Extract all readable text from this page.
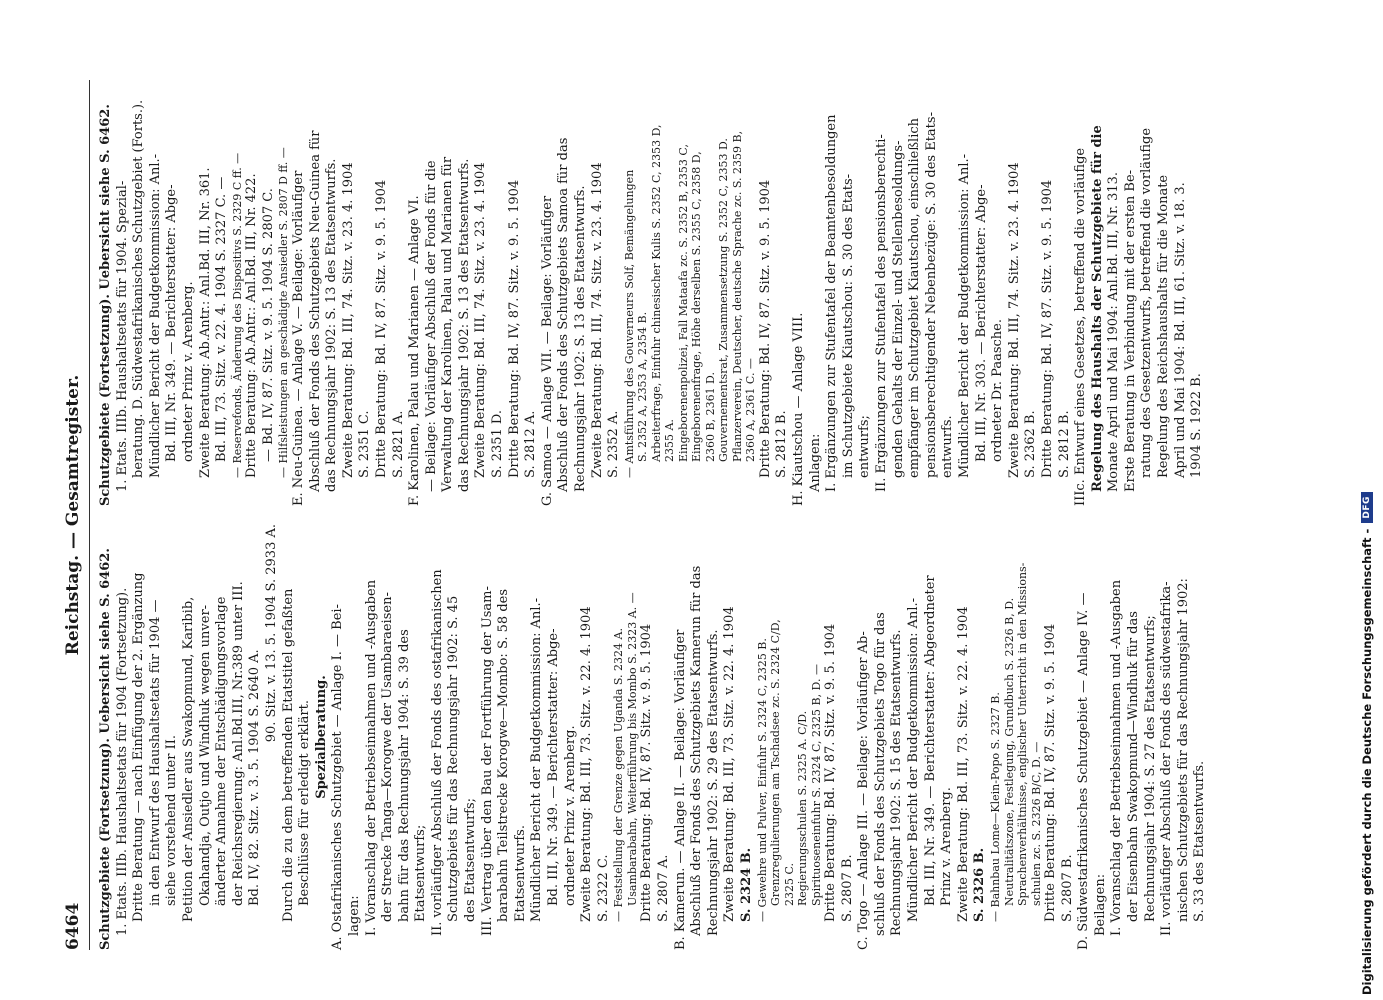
6464
Reichstag. — Gesamtregister.

Schutzgebiete (Fortsetzung). Uebersicht siehe S. 6462. 1. Etats. IIIb. Haushaltsetats für 1904 (Fortsetzung). Dritte Beratung — nach Einfügung der 2. Ergänzung in den Entwurf des Haushaltsetats für 1904 — siehe vorstehend unter II. Petition der Ansiedler aus Swakopmund, Karibib, Okahandja, Outjo und Windhuk wegen unver- änderter Annahme der Entschädigungsvorlage der Reichsregierung: Anl.Bd.III, Nr.389 unter III. Bd. IV, 82. Sitz. v. 3. 5. 1904 S. 2640 A.

90. Sitz. v. 13. 5. 1904 S. 2933 A. Durch die zu dem betreffenden Etatstitel gefaßten Beschlüsse für erledigt erklärt. Spezialberatung. A. Ostafrikanisches Schutzgebiet — Anlage I. — Bei- lagen: I. Voranschlag der Betriebseinnahmen und -Ausgaben der Strecke Tanga—Korogwe der Usambaraeisen- bahn für das Rechnungsjahr 1904: S. 39 des Etatsentwurfs; II. vorläufiger Abschluß der Fonds des ostafrikanischen Schutzgebiets für das Rechnungsjahr 1902: S. 45 des Etatsentwurfs; III. Vertrag über den Bau der Fortführung der Usam- barabahn Teilstrecke Korogwe—Mombo: S. 58 des Etatsentwurfs. Mündlicher Bericht der Budgetkommission: Anl.- Bd. III, Nr. 349. — Berichterstatter: Abge- ordneter Prinz v. Arenberg. Zweite Beratung: Bd. III, 73. Sitz. v. 22. 4. 1904 S. 2322 C. — Feststellung der Grenze gegen Uganda S. 2324 A. Usambarabahn, Weiterführung bis Mombo S. 2323 A. — Dritte Beratung: Bd. IV, 87. Sitz. v. 9. 5. 1904 S. 2807 A. B. Kamerun. — Anlage II. — Beilage: Vorläufiger Abschluß der Fonds des Schutzgebiets Kamerun für das Rechnungsjahr 1902: S. 29 des Etatsentwurfs. Zweite Beratung: Bd. III, 73. Sitz. v. 22. 4. 1904 S. 2324 B. — Gewehre und Pulver, Einfuhr S. 2324 C, 2325 B. Grenzregulierungen am Tschadsee zc. S. 2324 C/D, 2325 C. Regierungsschulen S. 2325 A. C/D. Spirituoseneinfuhr S. 2324 C, 2325 B, D. — Dritte Beratung: Bd. IV, 87. Sitz. v. 9. 5. 1904 S. 2807 B. C. Togo — Anlage III. — Beilage: Vorläufiger Ab- schluß der Fonds des Schutzgebiets Togo für das Rechnungsjahr 1902: S. 15 des Etatsentwurfs. Mündlicher Bericht der Budgetkommission: Anl.- Bd. III, Nr. 349. — Berichterstatter: Abgeordneter Prinz v. Arenberg. Zweite Beratung: Bd. III, 73. Sitz. v. 22. 4. 1904 S. 2326 B. — Bahnbau Lome—Klein-Popo S. 2327 B. Neutralitätszone, Festlegung, Grundbuch S. 2326 B, D. Sprachenverhältnisse, englischer Unterricht in den Missions- schulen zc. S. 2326 B/C, D. — Dritte Beratung: Bd. IV, 87. Sitz. v. 9. 5. 1904 S. 2807 B. D. Südwestafrikanisches Schutzgebiet — Anlage IV. — Beilagen: I. Voranschlag der Betriebseinnahmen und -Ausgaben der Eisenbahn Swakopmund—Windhuk für das Rechnungsjahr 1904: S. 27 des Etatsentwurfs; II. vorläufiger Abschluß der Fonds des südwestafrika- nischen Schutzgebiets für das Rechnungsjahr 1902: S. 33 des Etatsentwurfs.

Schutzgebiete (Fortsetzung). Uebersicht siehe S. 6462. 1. Etats. IIIb. Haushaltsetats für 1904. Spezial- beratung. D. Südwestafrikanisches Schutzgebiet (Forts.). Mündlicher Bericht der Budgetkommission: Anl.- Bd. III, Nr. 349. — Berichterstatter: Abge- ordneter Prinz v. Arenberg. Zweite Beratung: Ab.Antr.: Anl.Bd. III, Nr. 361. Bd. III, 73. Sitz. v. 22. 4. 1904 S. 2327 C. — — Reservefonds, Änderung des Dispositivs S. 2329 C ff. — Dritte Beratung: Ab.Antr.: Anl.Bd. III, Nr. 422. — Bd. IV, 87. Sitz. v. 9. 5. 1904 S. 2807 C. — Hilfsleistungen an geschädigte Ansiedler S. 2807 D ff. — E. Neu-Guinea. — Anlage V. — Beilage: Vorläufiger Abschluß der Fonds des Schutzgebiets Neu-Guinea für das Rechnungsjahr 1902: S. 13 des Etatsentwurfs. Zweite Beratung: Bd. III, 74. Sitz. v. 23. 4. 1904 S. 2351 C. Dritte Beratung: Bd. IV, 87. Sitz. v. 9. 5. 1904 S. 2821 A. F. Karolinen, Palau und Marianen — Anlage VI. — Beilage: Vorläufiger Abschluß der Fonds für die Verwaltung der Karolinen, Palau und Marianen für das Rechnungsjahr 1902: S. 13 des Etatsentwurfs. Zweite Beratung: Bd. III, 74. Sitz. v. 23. 4. 1904 S. 2351 D. Dritte Beratung: Bd. IV, 87. Sitz. v. 9. 5. 1904 S. 2812 A. G. Samoa — Anlage VII. — Beilage: Vorläufiger Abschluß der Fonds des Schutzgebiets Samoa für das Rechnungsjahr 1902: S. 13 des Etatsentwurfs. Zweite Beratung: Bd. III, 74. Sitz. v. 23. 4. 1904 S. 2352 A. — Amtsführung des Gouverneurs Solf, Bemängelungen S. 2352 A, 2353 A, 2354 B. Arbeiterfrage, Einfuhr chinesischer Kulis S. 2352 C, 2353 D, 2355 A. Eingeborenenpolizei, Fall Mataafa zc. S. 2352 B, 2353 C, Eingeborenenfrage, Höhe derselben S. 2355 C, 2358 D, 2360 B, 2361 D. Gouvernementsrat, Zusammensetzung S. 2352 C, 2353 D. Pflanzerverein, Deutscher, deutsche Sprache zc. S. 2359 B, 2360 A, 2361 C. — Dritte Beratung: Bd. IV, 87. Sitz. v. 9. 5. 1904 S. 2812 B. H. Kiautschou — Anlage VIII. Anlagen: I. Ergänzungen zur Stufentafel der Beamtenbesoldungen im Schutzgebiete Kiautschou: S. 30 des Etats- entwurfs; II. Ergänzungen zur Stufentafel des pensionsberechti- genden Gehalts der Einzel- und Stellenbesoldungs- empfänger im Schutzgebiet Kiautschou, einschließlich pensionsberechtigender Nebenbezüge: S. 30 des Etats- entwurfs. Mündlicher Bericht der Budgetkommission: Anl.- Bd. III, Nr. 303. — Berichterstatter: Abge- ordneter Dr. Paasche. Zweite Beratung: Bd. III, 74. Sitz. v. 23. 4. 1904 S. 2362 B. Dritte Beratung: Bd. IV, 87. Sitz. v. 9. 5. 1904 S. 2812 B. IIIc. Entwurf eines Gesetzes, betreffend die vorläufige Regelung des Haushalts der Schutzgebiete für die Monate April und Mai 1904: Anl.Bd. III, Nr. 313. Erste Beratung in Verbindung mit der ersten Be- ratung des Gesetzentwurfs, betreffend die vorläufige Regelung des Reichshaushalts für die Monate April und Mai 1904: Bd. III, 61. Sitz. v. 18. 3. 1904 S. 1922 B.

Digitalisierung gefördert durch die Deutsche Forschungsgemeinschaft -
DFG
